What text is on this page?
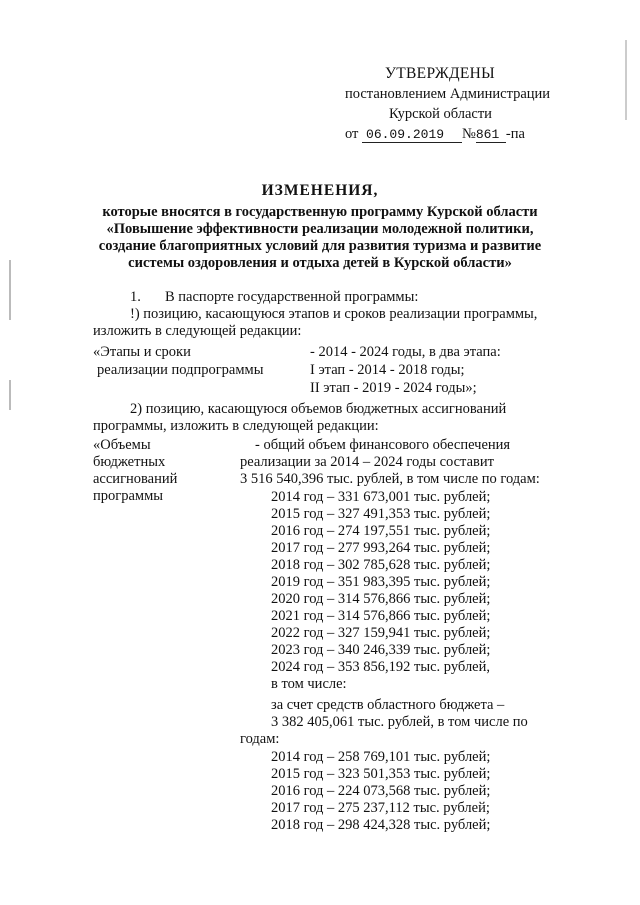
УТВЕРЖДЕНЫ
постановлением Администрации
Курской области
от 06.09.2019 №861 -па
ИЗМЕНЕНИЯ,
которые вносятся в государственную программу Курской области
«Повышение эффективности реализации молодежной политики,
создание благоприятных условий для развития туризма и развитие
системы оздоровления и отдыха детей в Курской области»
1. В паспорте государственной программы:
!) позицию, касающуюся этапов и сроков реализации программы,
изложить в следующей редакции:
«Этапы и сроки
реализации подпрограммы
- 2014 - 2024 годы, в два этапа:
I этап - 2014 - 2018 годы;
II этап - 2019 - 2024 годы»;
2) позицию, касающуюся объемов бюджетных ассигнований
программы, изложить в следующей редакции:
«Объемы
бюджетных
ассигнований
программы
- общий объем финансового обеспечения
реализации за 2014 – 2024 годы составит
3 516 540,396 тыс. рублей, в том числе по годам:
2014 год – 331 673,001 тыс. рублей;
2015 год – 327 491,353 тыс. рублей;
2016 год – 274 197,551 тыс. рублей;
2017 год – 277 993,264 тыс. рублей;
2018 год – 302 785,628 тыс. рублей;
2019 год – 351 983,395 тыс. рублей;
2020 год – 314 576,866 тыс. рублей;
2021 год – 314 576,866 тыс. рублей;
2022 год – 327 159,941 тыс. рублей;
2023 год – 340 246,339 тыс. рублей;
2024 год – 353 856,192 тыс. рублей,
в том числе:
за счет средств областного бюджета –
3 382 405,061 тыс. рублей, в том числе по
годам:
2014 год – 258 769,101 тыс. рублей;
2015 год – 323 501,353 тыс. рублей;
2016 год – 224 073,568 тыс. рублей;
2017 год – 275 237,112 тыс. рублей;
2018 год – 298 424,328 тыс. рублей;
